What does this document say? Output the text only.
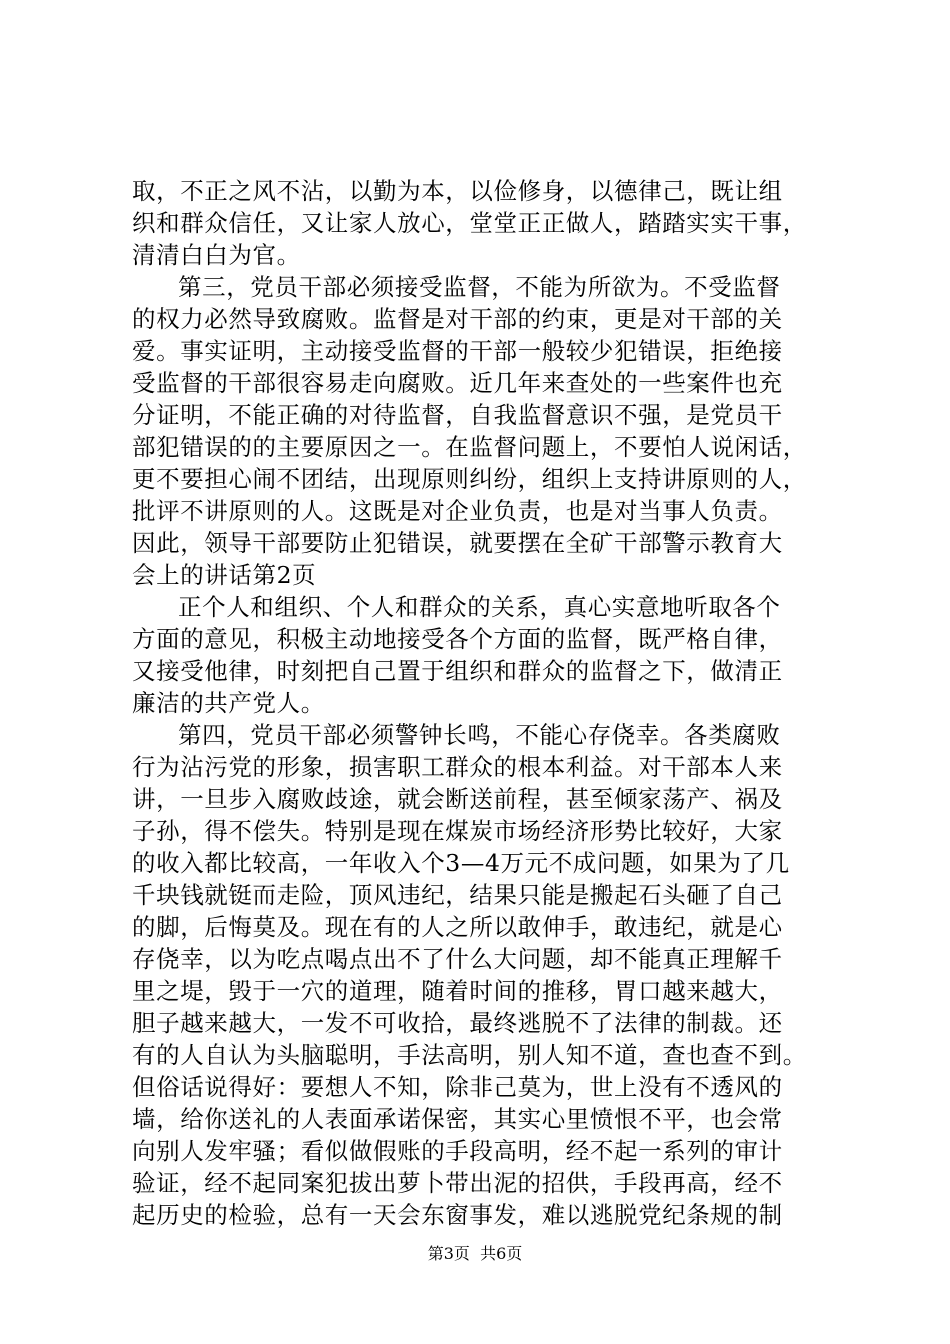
取，不正之风不沾，以勤为本，以俭修身，以德律己，既让组
织和群众信任，又让家人放心，堂堂正正做人，踏踏实实干事，
清清白白为官。
第三，党员干部必须接受监督，不能为所欲为。不受监督
的权力必然导致腐败。监督是对干部的约束，更是对干部的关
爱。事实证明，主动接受监督的干部一般较少犯错误，拒绝接
受监督的干部很容易走向腐败。近几年来查处的一些案件也充
分证明，不能正确的对待监督，自我监督意识不强，是党员干
部犯错误的的主要原因之一。在监督问题上，不要怕人说闲话，
更不要担心闹不团结，出现原则纠纷，组织上支持讲原则的人，
批评不讲原则的人。这既是对企业负责，也是对当事人负责。
因此，领导干部要防止犯错误，就要摆在全矿干部警示教育大
会上的讲话第2页
正个人和组织、个人和群众的关系，真心实意地听取各个
方面的意见，积极主动地接受各个方面的监督，既严格自律，
又接受他律，时刻把自己置于组织和群众的监督之下，做清正
廉洁的共产党人。
第四，党员干部必须警钟长鸣，不能心存侥幸。各类腐败
行为沾污党的形象，损害职工群众的根本利益。对干部本人来
讲，一旦步入腐败歧途，就会断送前程，甚至倾家荡产、祸及
子孙，得不偿失。特别是现在煤炭市场经济形势比较好，大家
的收入都比较高，一年收入个3—4万元不成问题，如果为了几
千块钱就铤而走险，顶风违纪，结果只能是搬起石头砸了自己
的脚，后悔莫及。现在有的人之所以敢伸手，敢违纪，就是心
存侥幸，以为吃点喝点出不了什么大问题，却不能真正理解千
里之堤，毁于一穴的道理，随着时间的推移，胃口越来越大，
胆子越来越大，一发不可收拾，最终逃脱不了法律的制裁。还
有的人自认为头脑聪明，手法高明，别人知不道，查也查不到。
但俗话说得好：要想人不知，除非己莫为，世上没有不透风的
墙，给你送礼的人表面承诺保密，其实心里愤恨不平，也会常
向别人发牢骚；看似做假账的手段高明，经不起一系列的审计
验证，经不起同案犯拔出萝卜带出泥的招供，手段再高，经不
起历史的检验，总有一天会东窗事发，难以逃脱党纪条规的制
第3页  共6页
